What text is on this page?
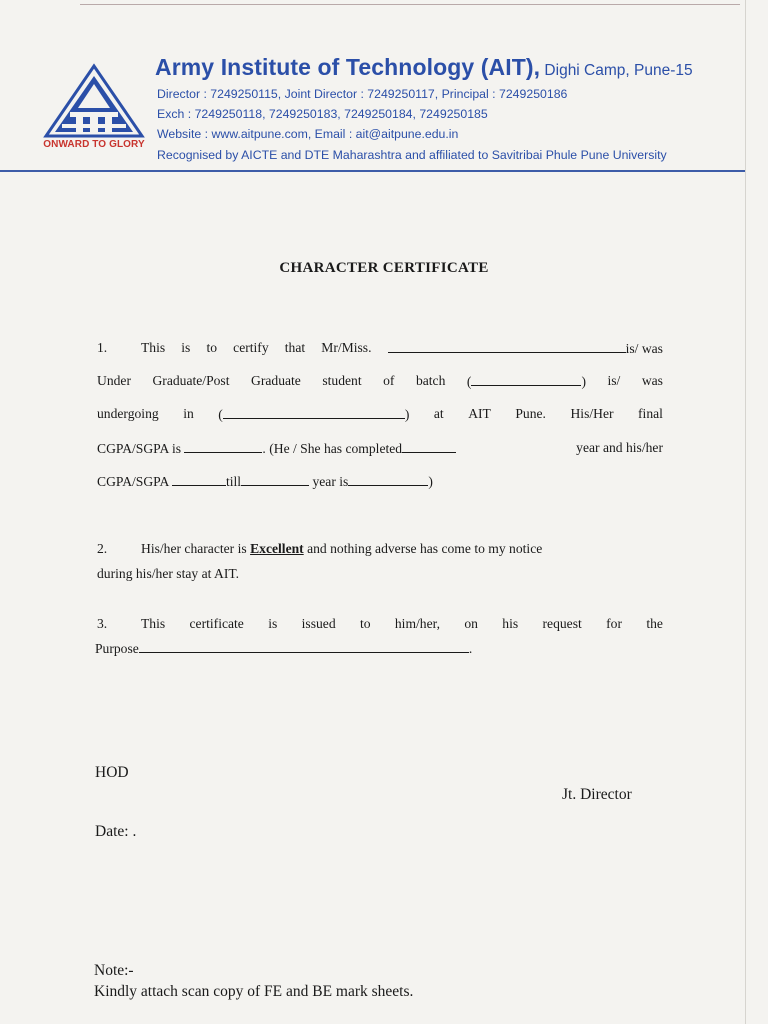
ONWARD TO GLORY
Army Institute of Technology (AIT), Dighi Camp, Pune-15
Director : 7249250115, Joint Director : 7249250117, Principal : 7249250186
Exch : 7249250118, 7249250183, 7249250184, 7249250185
Website : www.aitpune.com, Email : ait@aitpune.edu.in
Recognised by AICTE and DTE Maharashtra and affiliated to Savitribai Phule Pune University
CHARACTER CERTIFICATE
1. This is to certify that Mr/Miss.	is/ was
Under Graduate/Post Graduate student of batch (	) is/ was
undergoing in (	) at AIT Pune. His/Her final
CGPA/SGPA is	. (He / She has completed	year and his/her
CGPA/SGPA	till	year is	)
2. His/her character is Excellent and nothing adverse has come to my notice
during his/her stay at AIT.
3. This certificate is issued to him/her, on his request for the
Purpose	.
HOD
Jt. Director
Date: .
Note:-
Kindly attach scan copy of FE and BE mark sheets.
